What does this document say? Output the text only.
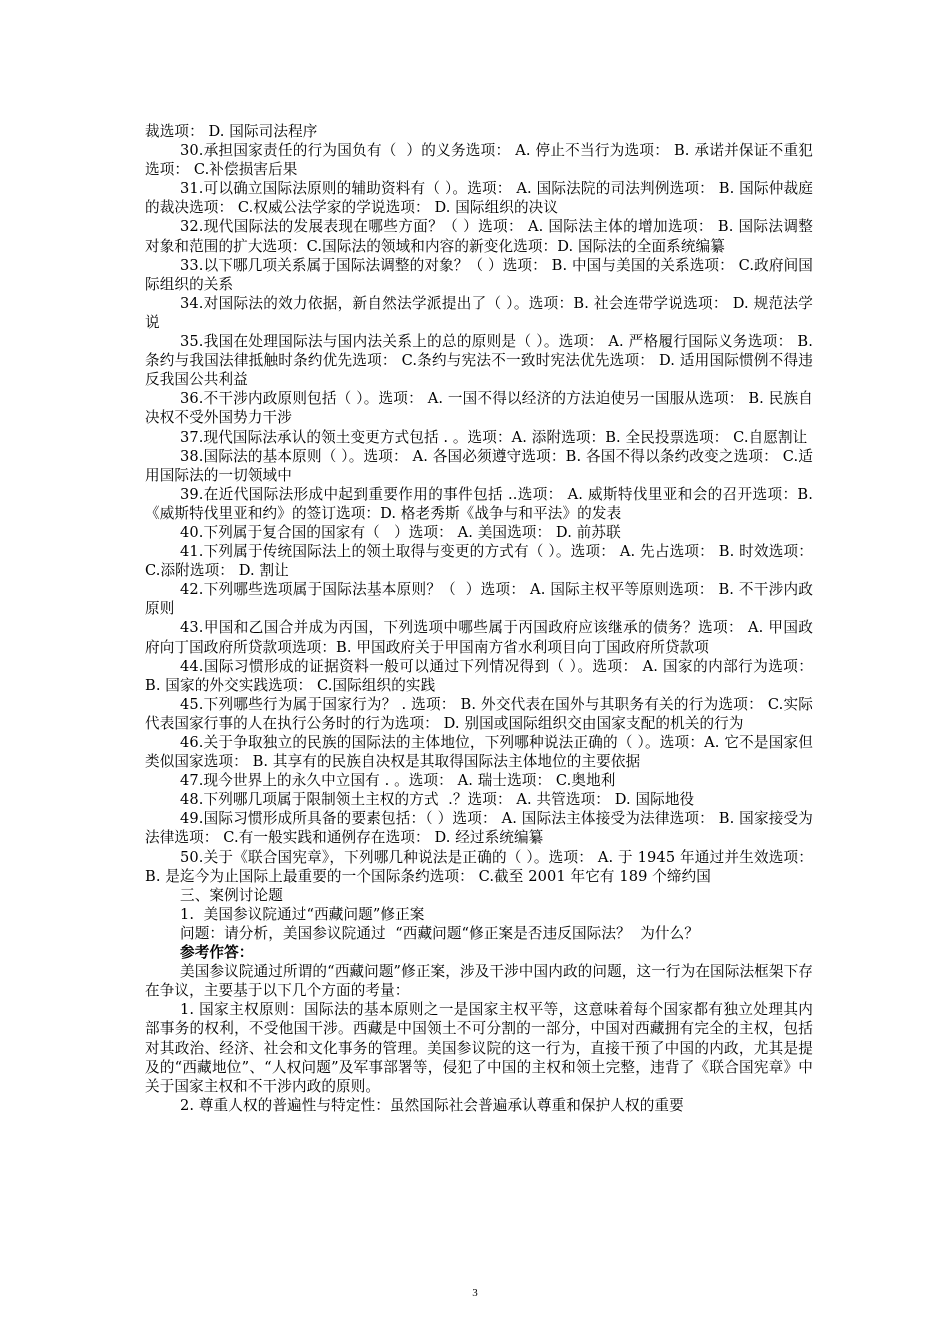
裁选项： D. 国际司法程序

30.承担国家责任的行为国负有（  ）的义务选项： A. 停止不当行为选项： B. 承诺并保证不重犯选项： C.补偿损害后果

31.可以确立国际法原则的辅助资料有（ ）。选项： A. 国际法院的司法判例选项： B. 国际仲裁庭的裁决选项： C.权威公法学家的学说选项： D. 国际组织的决议

32.现代国际法的发展表现在哪些方面？（ ）选项： A. 国际法主体的增加选项： B. 国际法调整对象和范围的扩大选项：C.国际法的领域和内容的新变化选项：D. 国际法的全面系统编纂

33.以下哪几项关系属于国际法调整的对象？（ ）选项： B. 中国与美国的关系选项： C.政府间国际组织的关系

34.对国际法的效力依据，新自然法学派提出了（ ）。选项：B. 社会连带学说选项： D. 规范法学说

35.我国在处理国际法与国内法关系上的总的原则是（ ）。选项： A. 严格履行国际义务选项： B. 条约与我国法律抵触时条约优先选项： C.条约与宪法不一致时宪法优先选项： D. 适用国际惯例不得违反我国公共利益

36.不干涉内政原则包括（ ）。选项： A. 一国不得以经济的方法迫使另一国服从选项： B. 民族自决权不受外国势力干涉

37.现代国际法承认的领土变更方式包括 . 。选项：A. 添附选项：B. 全民投票选项： C.自愿割让

38.国际法的基本原则（ ）。选项： A. 各国必须遵守选项：B. 各国不得以条约改变之选项： C.适用国际法的一切领域中

39.在近代国际法形成中起到重要作用的事件包括 ..选项： A. 威斯特伐里亚和会的召开选项：B.《威斯特伐里亚和约》的签订选项：D. 格老秀斯《战争与和平法》的发表

40.下列属于复合国的国家有（   ）选项： A. 美国选项： D. 前苏联

41.下列属于传统国际法上的领土取得与变更的方式有（ ）。选项： A. 先占选项： B. 时效选项： C.添附选项： D. 割让

42.下列哪些选项属于国际法基本原则？（  ）选项： A. 国际主权平等原则选项： B. 不干涉内政原则

43.甲国和乙国合并成为丙国，下列选项中哪些属于丙国政府应该继承的债务？选项： A. 甲国政府向丁国政府所贷款项选项：B. 甲国政府关于甲国南方省水利项目向丁国政府所贷款项

44.国际习惯形成的证据资料一般可以通过下列情况得到（ ）。选项： A. 国家的内部行为选项： B. 国家的外交实践选项： C.国际组织的实践

45.下列哪些行为属于国家行为？ . 选项： B. 外交代表在国外与其职务有关的行为选项： C.实际代表国家行事的人在执行公务时的行为选项： D. 别国或国际组织交由国家支配的机关的行为

46.关于争取独立的民族的国际法的主体地位，下列哪种说法正确的（ ）。选项：A. 它不是国家但类似国家选项： B. 其享有的民族自决权是其取得国际法主体地位的主要依据

47.现今世界上的永久中立国有 . 。选项： A. 瑞士选项： C.奥地利

48.下列哪几项属于限制领土主权的方式  .？选项： A. 共管选项： D. 国际地役

49.国际习惯形成所具备的要素包括：（ ）选项： A. 国际法主体接受为法律选项： B. 国家接受为法律选项： C.有一般实践和通例存在选项： D. 经过系统编纂

50.关于《联合国宪章》，下列哪几种说法是正确的（ ）。选项： A. 于 1945 年通过并生效选项： B. 是迄今为止国际上最重要的一个国际条约选项： C.截至 2001 年它有 189 个缔约国

三、案例讨论题

1.  美国参议院通过“西藏问题”修正案

问题：请分析，美国参议院通过  “西藏问题“修正案是否违反国际法？  为什么？

参考作答：

美国参议院通过所谓的“西藏问题”修正案，涉及干涉中国内政的问题，这一行为在国际法框架下存在争议，主要基于以下几个方面的考量：

1. 国家主权原则：国际法的基本原则之一是国家主权平等，这意味着每个国家都有独立处理其内部事务的权利，不受他国干涉。西藏是中国领土不可分割的一部分，中国对西藏拥有完全的主权，包括对其政治、经济、社会和文化事务的管理。美国参议院的这一行为，直接干预了中国的内政，尤其是提及的“西藏地位”、“人权问题”及军事部署等，侵犯了中国的主权和领土完整，违背了《联合国宪章》中关于国家主权和不干涉内政的原则。

2. 尊重人权的普遍性与特定性：虽然国际社会普遍承认尊重和保护人权的重要

3
